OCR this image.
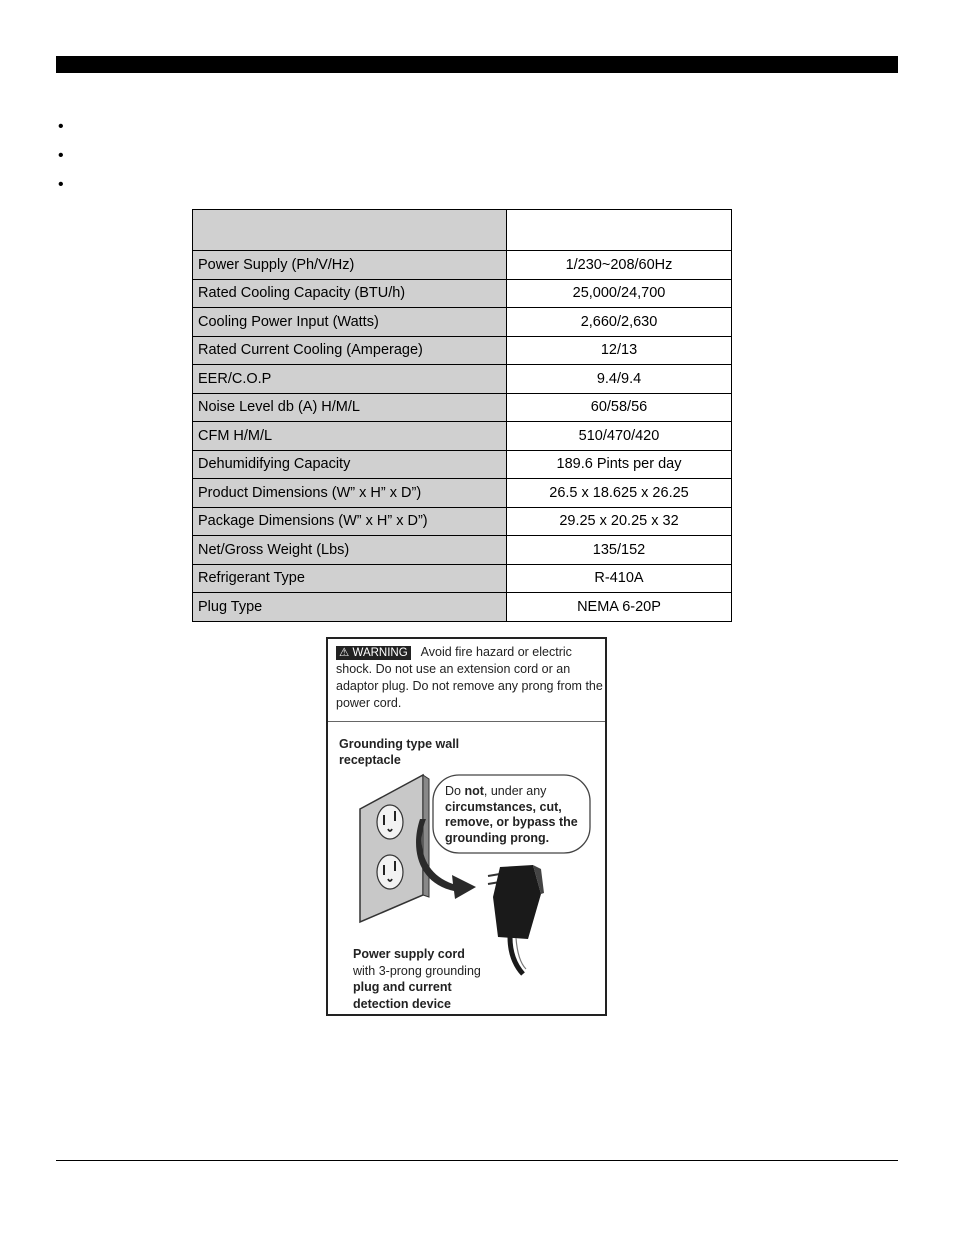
•
•
•

Power Supply (Ph/V/Hz)	1/230~208/60Hz
Rated Cooling Capacity (BTU/h)	25,000/24,700
Cooling Power Input (Watts)	2,660/2,630
Rated Current Cooling (Amperage)	12/13
EER/C.O.P	9.4/9.4
Noise Level db (A) H/M/L	60/58/56
CFM H/M/L	510/470/420
Dehumidifying Capacity	189.6 Pints per day
Product Dimensions (W” x H” x D”)	26.5 x 18.625 x 26.25
Package Dimensions (W” x H” x D”)	29.25 x 20.25 x 32
Net/Gross Weight (Lbs)	135/152
Refrigerant Type	R-410A
Plug Type	NEMA 6-20P
⚠ WARNING Avoid fire hazard or electric shock. Do not use an extension cord or an adaptor plug. Do not remove any prong from the power cord.
Grounding type wall
receptacle
Do not, under any
circumstances, cut,
remove, or bypass the
grounding prong.
Power supply cord
with 3-prong grounding
plug and current
detection device
